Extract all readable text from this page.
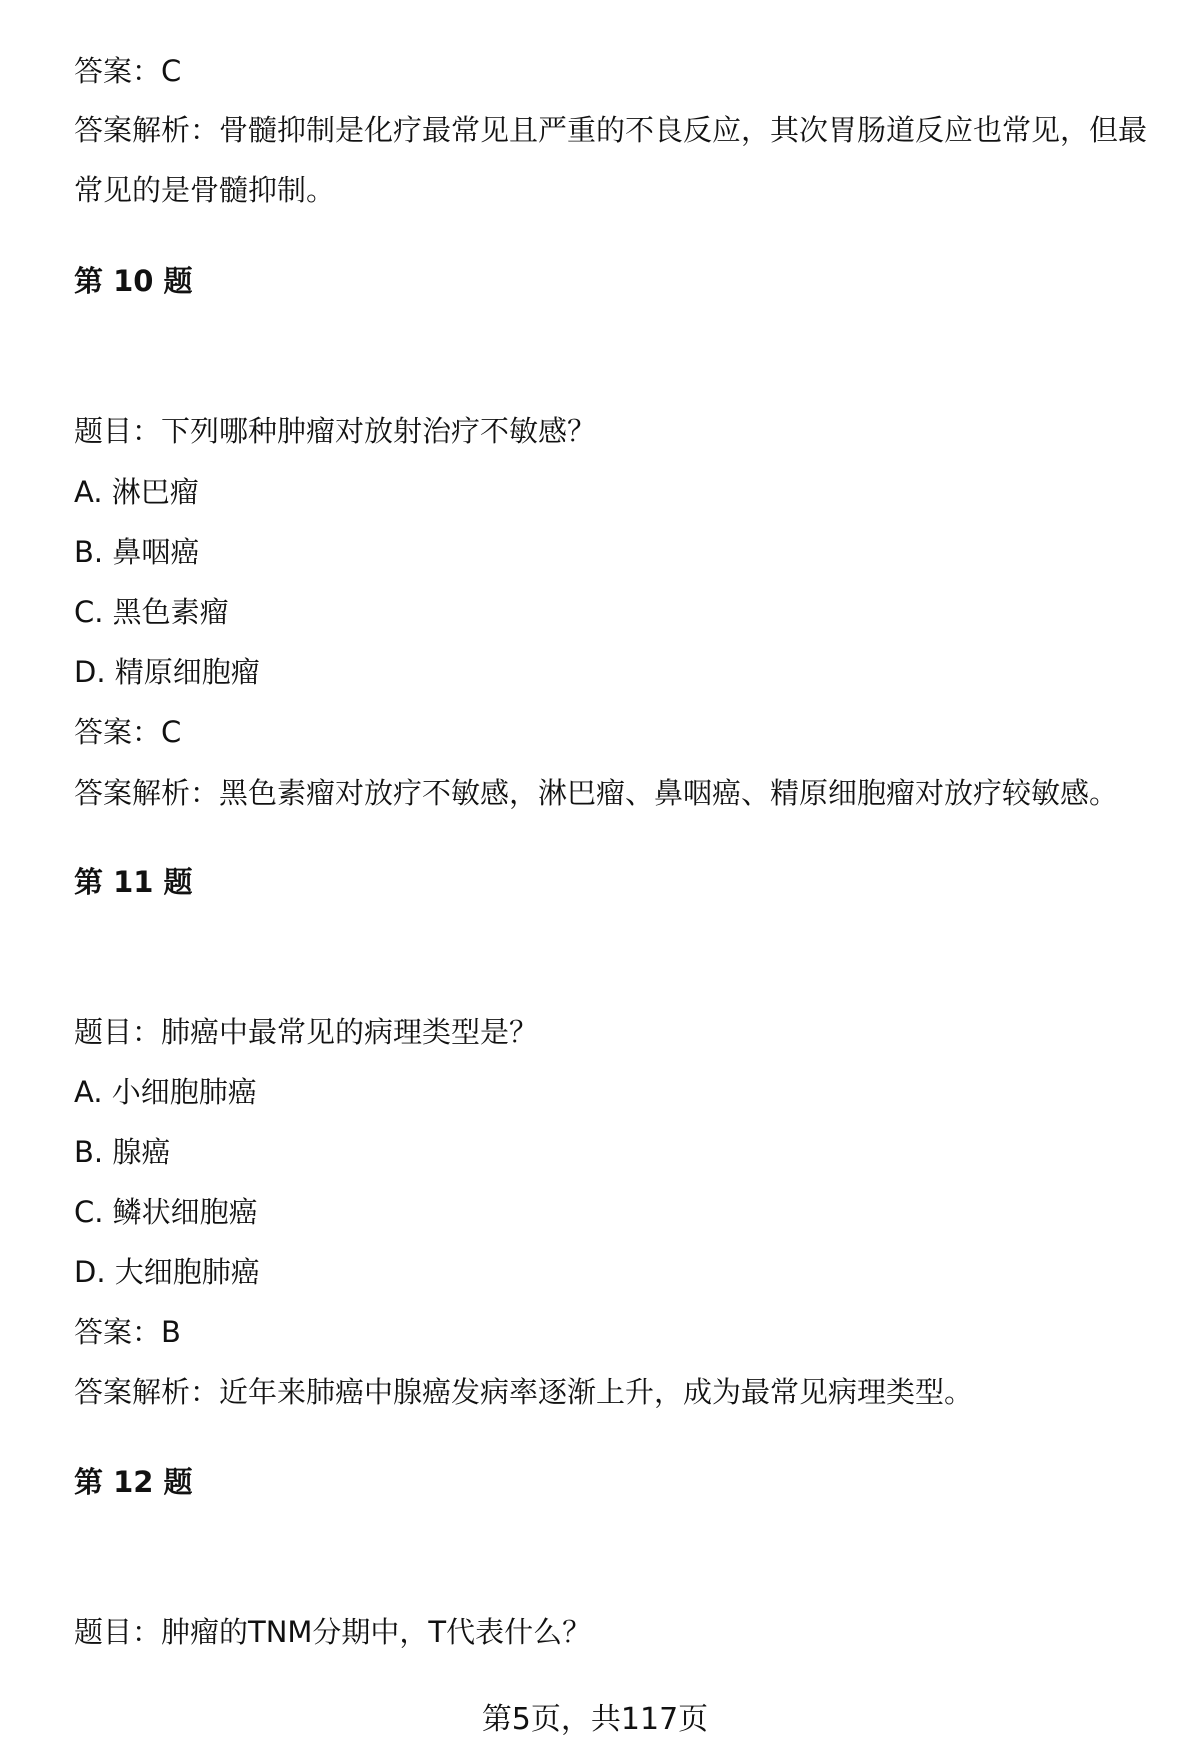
答案：C
答案解析：骨髓抑制是化疗最常见且严重的不良反应，其次胃肠道反应也常见，但最常见的是骨髓抑制。
第 10 题
题目：下列哪种肿瘤对放射治疗不敏感？
A. 淋巴瘤
B. 鼻咽癌
C. 黑色素瘤
D. 精原细胞瘤
答案：C
答案解析：黑色素瘤对放疗不敏感，淋巴瘤、鼻咽癌、精原细胞瘤对放疗较敏感。
第 11 题
题目：肺癌中最常见的病理类型是？
A. 小细胞肺癌
B. 腺癌
C. 鳞状细胞癌
D. 大细胞肺癌
答案：B
答案解析：近年来肺癌中腺癌发病率逐渐上升，成为最常见病理类型。
第 12 题
题目：肿瘤的TNM分期中，T代表什么？
第5页，共117页
